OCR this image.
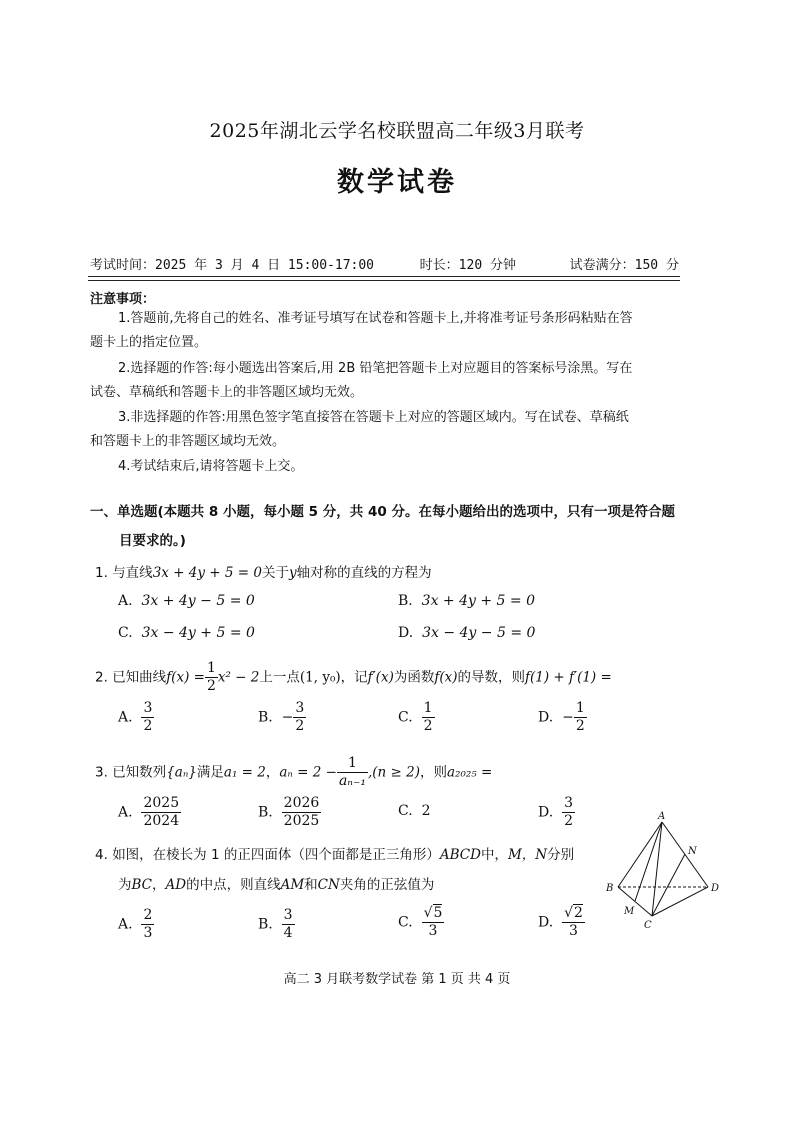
2025年湖北云学名校联盟高二年级3月联考
数学试卷
考试时间：2025 年 3 月 4 日 15:00-17:00	时长：120 分钟	试卷满分：150 分
注意事项：
1.答题前,先将自己的姓名、准考证号填写在试卷和答题卡上,并将准考证号条形码粘贴在答
题卡上的指定位置。
2.选择题的作答:每小题选出答案后,用 2B 铅笔把答题卡上对应题目的答案标号涂黑。写在
试卷、草稿纸和答题卡上的非答题区域均无效。
3.非选择题的作答:用黑色签字笔直接答在答题卡上对应的答题区域内。写在试卷、草稿纸
和答题卡上的非答题区域均无效。
4.考试结束后,请将答题卡上交。
一、单选题(本题共 8 小题，每小题 5 分，共 40 分。在每小题给出的选项中，只有一项是符合题
目要求的。)
1. 与直线3x + 4y + 5 = 0关于y轴对称的直线的方程为
A. 3x + 4y − 5 = 0	B. 3x + 4y + 5 = 0
C. 3x − 4y + 5 = 0	D. 3x − 4y − 5 = 0
2. 已知曲线$f(x) = \frac{1}{2} x^2 - 2$上一点(1, y₀)，记f′(x)为函数f(x)的导数，则f(1) + f′(1) =
A. $\frac{3}{2}$	B. − $\frac{3}{2}$	C. $\frac{1}{2}$	D. − $\frac{1}{2}$
3. 已知数列{aₙ}满足a₁ = 2，$a_n = 2 - \frac{1}{\text{aₙ₋₁}} ,(n \ge 2)$，则a₂₀₂₅ =
A. $\frac{2025}{2024}$	B. $\frac{2026}{2025}$	C. 2	D. $\frac{3}{2}$
4. 如图，在棱长为 1 的正四面体（四个面都是正三角形）ABCD中，M，N分别
为BC，AD的中点，则直线AM和CN夹角的正弦值为
A. $\frac{2}{3}$	B. $\frac{3}{4}$	C. $\frac{√5}{3}$	D. $\frac{√2}{3}$
A
B	D
C
M
N
高二 3 月联考数学试卷 第 1 页 共 4 页
